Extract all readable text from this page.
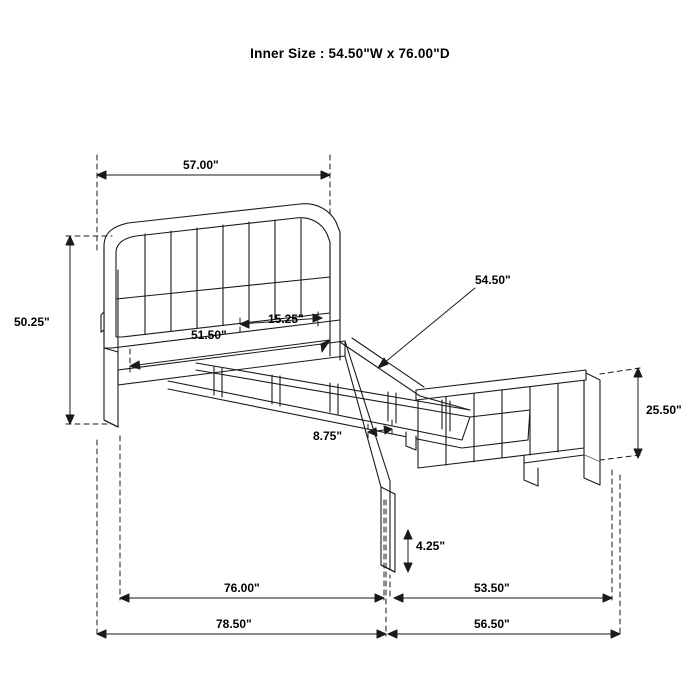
Inner Size : 54.50"W x 76.00"D
57.00"
50.25"
51.50"
15.25"
8.75"
54.50"
25.50"
4.25"
76.00"	53.50"
78.50"	56.50"
